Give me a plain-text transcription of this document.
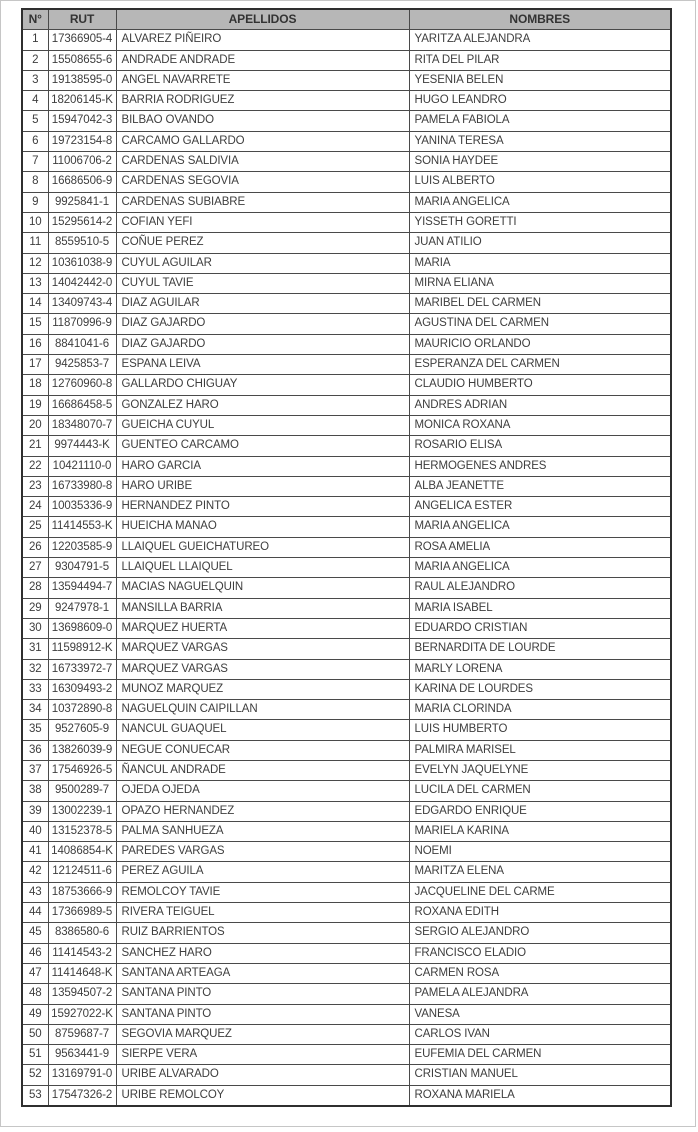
N°	RUT	APELLIDOS	NOMBRES
1	17366905-4	ALVAREZ PIÑEIRO	YARITZA ALEJANDRA
2	15508655-6	ANDRADE ANDRADE	RITA DEL PILAR
3	19138595-0	ANGEL NAVARRETE	YESENIA BELEN
4	18206145-K	BARRIA RODRIGUEZ	HUGO LEANDRO
5	15947042-3	BILBAO OVANDO	PAMELA FABIOLA
6	19723154-8	CARCAMO GALLARDO	YANINA TERESA
7	11006706-2	CARDENAS SALDIVIA	SONIA HAYDEE
8	16686506-9	CARDENAS SEGOVIA	LUIS ALBERTO
9	9925841-1	CARDENAS SUBIABRE	MARIA ANGELICA
10	15295614-2	COFIAN YEFI	YISSETH GORETTI
11	8559510-5	COÑUE PEREZ	JUAN ATILIO
12	10361038-9	CUYUL AGUILAR	MARIA
13	14042442-0	CUYUL TAVIE	MIRNA ELIANA
14	13409743-4	DIAZ AGUILAR	MARIBEL DEL CARMEN
15	11870996-9	DIAZ GAJARDO	AGUSTINA DEL CARMEN
16	8841041-6	DIAZ GAJARDO	MAURICIO ORLANDO
17	9425853-7	ESPANA LEIVA	ESPERANZA DEL CARMEN
18	12760960-8	GALLARDO CHIGUAY	CLAUDIO HUMBERTO
19	16686458-5	GONZALEZ HARO	ANDRES ADRIAN
20	18348070-7	GUEICHA CUYUL	MONICA ROXANA
21	9974443-K	GUENTEO CARCAMO	ROSARIO ELISA
22	10421110-0	HARO GARCIA	HERMOGENES ANDRES
23	16733980-8	HARO URIBE	ALBA JEANETTE
24	10035336-9	HERNANDEZ PINTO	ANGELICA ESTER
25	11414553-K	HUEICHA MANAO	MARIA ANGELICA
26	12203585-9	LLAIQUEL GUEICHATUREO	ROSA AMELIA
27	9304791-5	LLAIQUEL LLAIQUEL	MARIA ANGELICA
28	13594494-7	MACIAS NAGUELQUIN	RAUL ALEJANDRO
29	9247978-1	MANSILLA BARRIA	MARIA ISABEL
30	13698609-0	MARQUEZ HUERTA	EDUARDO CRISTIAN
31	11598912-K	MARQUEZ VARGAS	BERNARDITA DE LOURDE
32	16733972-7	MARQUEZ VARGAS	MARLY LORENA
33	16309493-2	MUNOZ MARQUEZ	KARINA DE LOURDES
34	10372890-8	NAGUELQUIN CAIPILLAN	MARIA CLORINDA
35	9527605-9	NANCUL GUAQUEL	LUIS HUMBERTO
36	13826039-9	NEGUE CONUECAR	PALMIRA MARISEL
37	17546926-5	ÑANCUL ANDRADE	EVELYN JAQUELYNE
38	9500289-7	OJEDA OJEDA	LUCILA DEL CARMEN
39	13002239-1	OPAZO HERNANDEZ	EDGARDO ENRIQUE
40	13152378-5	PALMA SANHUEZA	MARIELA KARINA
41	14086854-K	PAREDES VARGAS	NOEMI
42	12124511-6	PEREZ AGUILA	MARITZA ELENA
43	18753666-9	REMOLCOY TAVIE	JACQUELINE DEL CARME
44	17366989-5	RIVERA TEIGUEL	ROXANA EDITH
45	8386580-6	RUIZ BARRIENTOS	SERGIO ALEJANDRO
46	11414543-2	SANCHEZ HARO	FRANCISCO ELADIO
47	11414648-K	SANTANA ARTEAGA	CARMEN ROSA
48	13594507-2	SANTANA PINTO	PAMELA ALEJANDRA
49	15927022-K	SANTANA PINTO	VANESA
50	8759687-7	SEGOVIA MARQUEZ	CARLOS IVAN
51	9563441-9	SIERPE VERA	EUFEMIA DEL CARMEN
52	13169791-0	URIBE ALVARADO	CRISTIAN MANUEL
53	17547326-2	URIBE REMOLCOY	ROXANA MARIELA
